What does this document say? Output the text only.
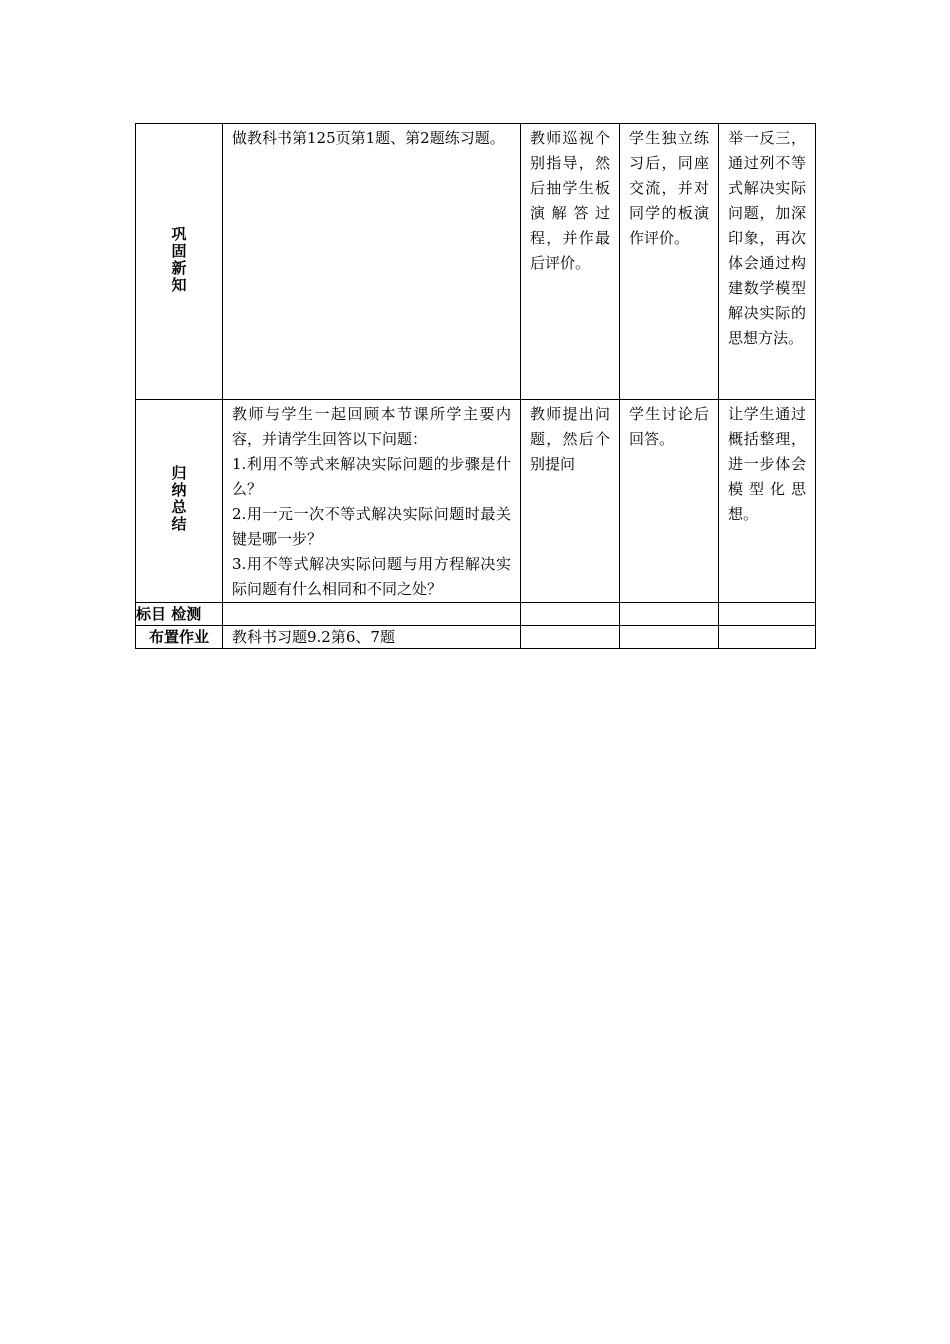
巩固新知	做教科书第125页第1题、第2题练习题。	教师巡视个别指导，然后抽学生板演解答过程，并作最后评价。	学生独立练习后，同座交流，并对同学的板演作评价。	举一反三，通过列不等式解决实际问题，加深印象，再次体会通过构建数学模型解决实际的思想方法。
归纳总结	教师与学生一起回顾本节课所学主要内容，并请学生回答以下问题：
1.利用不等式来解决实际问题的步骤是什么？
2.用一元一次不等式解决实际问题时最关键是哪一步？
3.用不等式解决实际问题与用方程解决实际问题有什么相同和不同之处？	教师提出问题，然后个别提问	学生讨论后回答。	让学生通过概括整理，进一步体会模型化思想。
标目 检测				
布置作业	教科书习题9.2第6、7题			
